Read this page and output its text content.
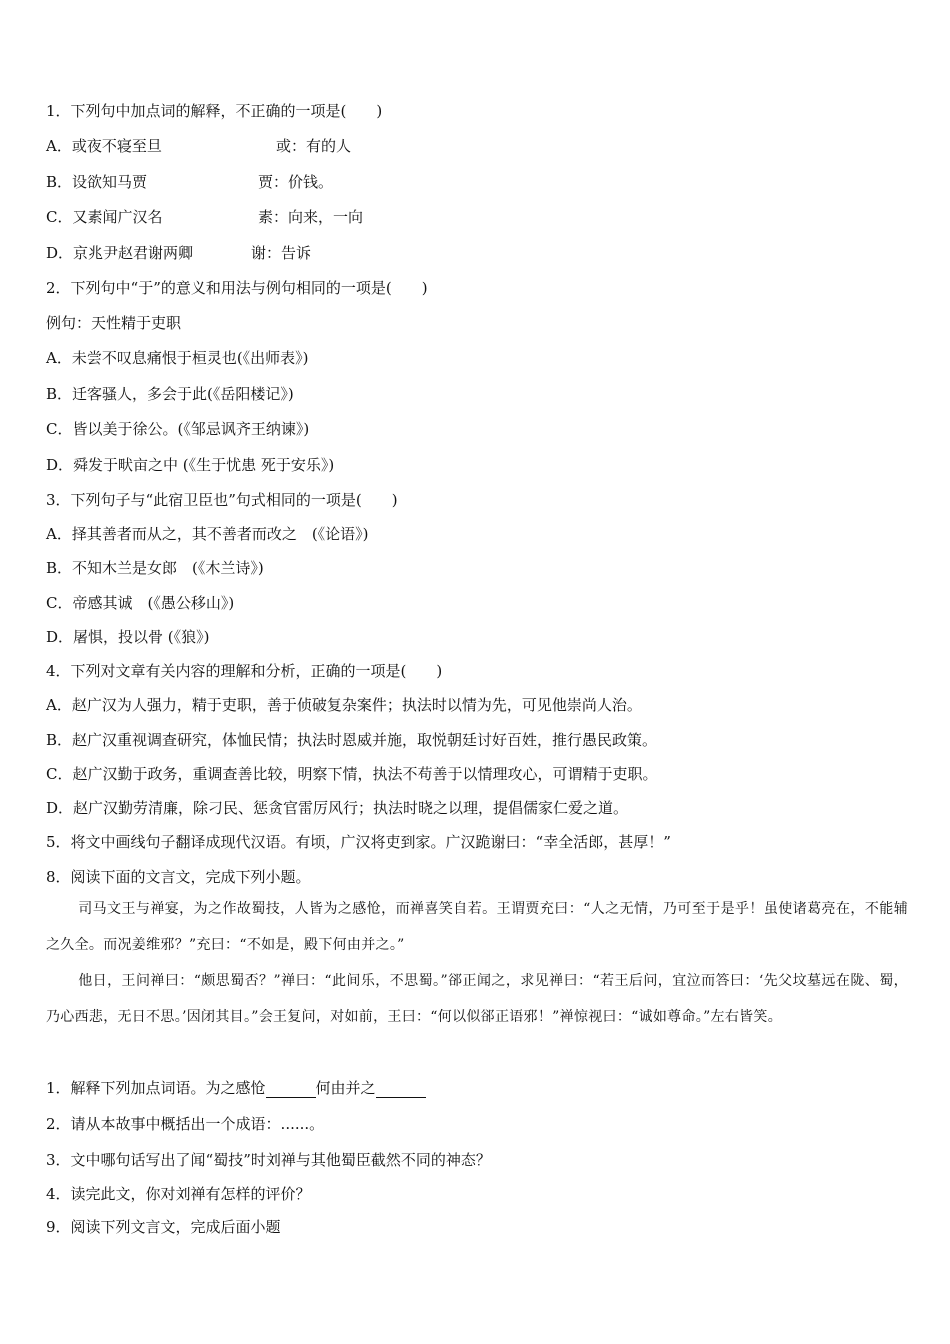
1．下列句中加点词的解释，不正确的一项是(　　)
A．或夜不寝至旦	或：有的人
B．设欲知马贾	贾：价钱。
C．又素闻广汉名	素：向来，一向
D．京兆尹赵君谢两卿	谢：告诉
2．下列句中“于”的意义和用法与例句相同的一项是(　　)
例句：天性精于吏职
A．未尝不叹息痛恨于桓灵也(《出师表》)
B．迁客骚人，多会于此(《岳阳楼记》)
C．皆以美于徐公。(《邹忌讽齐王纳谏》)
D．舜发于畎亩之中 (《生于忧患 死于安乐》)
3．下列句子与“此宿卫臣也”句式相同的一项是(　　)
A．择其善者而从之，其不善者而改之　(《论语》)
B．不知木兰是女郎　(《木兰诗》)
C．帝感其诚　(《愚公移山》)
D．屠惧，投以骨 (《狼》)
4．下列对文章有关内容的理解和分析，正确的一项是(　　)
A．赵广汉为人强力，精于吏职，善于侦破复杂案件；执法时以情为先，可见他崇尚人治。
B．赵广汉重视调查研究，体恤民情；执法时恩威并施，取悦朝廷讨好百姓，推行愚民政策。
C．赵广汉勤于政务，重调查善比较，明察下情，执法不苟善于以情理攻心，可谓精于吏职。
D．赵广汉勤劳清廉，除刁民、惩贪官雷厉风行；执法时晓之以理，提倡儒家仁爱之道。
5．将文中画线句子翻译成现代汉语。有顷，广汉将吏到家。广汉跪谢曰：“幸全活郎，甚厚！”
8．阅读下面的文言文，完成下列小题。

司马文王与禅宴，为之作故蜀技，人皆为之感怆，而禅喜笑自若。王谓贾充曰：“人之无情，乃可至于是乎！虽使诸葛亮在，不能辅之久全。而况姜维邪？”充曰：“不如是，殿下何由并之。”

他日，王问禅曰：“颇思蜀否？”禅曰：“此间乐，不思蜀。”郤正闻之，求见禅曰：“若王后问，宜泣而答曰：‘先父坟墓远在陇、蜀，乃心西悲，无日不思。’因闭其目。”会王复问，对如前，王曰：“何以似郤正语邪！”禅惊视曰：“诚如尊命。”左右皆笑。

1．解释下列加点词语。为之感怆	何由并之
2．请从本故事中概括出一个成语：......。
3．文中哪句话写出了闻“蜀技”时刘禅与其他蜀臣截然不同的神态？
4．读完此文，你对刘禅有怎样的评价？
9．阅读下列文言文，完成后面小题
